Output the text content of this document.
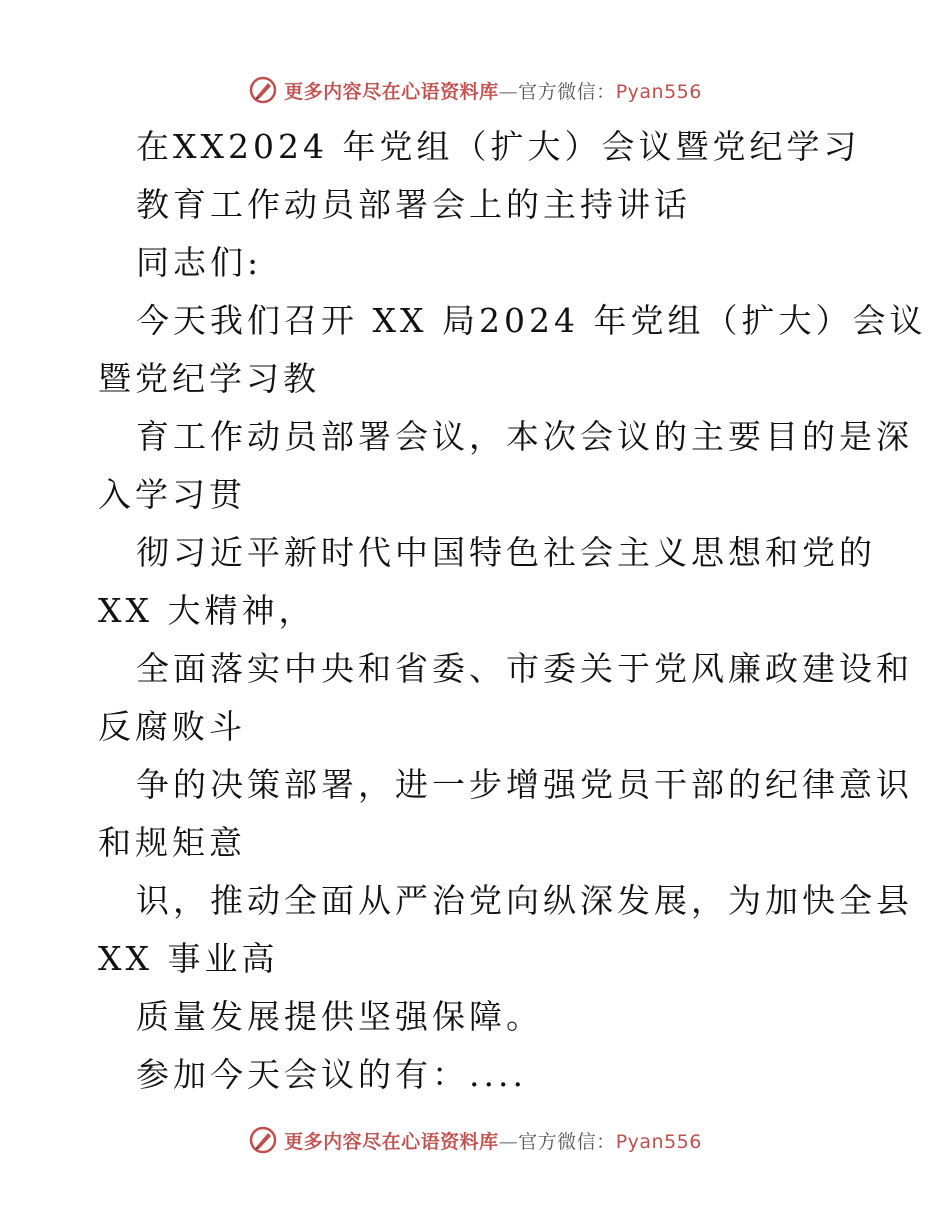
更多内容尽在心语资料库—官方微信：Pyan556
在XX2024 年党组（扩大）会议暨党纪学习
教育工作动员部署会上的主持讲话
同志们:
今天我们召开 XX 局2024 年党组（扩大）会议
暨党纪学习教
育工作动员部署会议，本次会议的主要目的是深
入学习贯
彻习近平新时代中国特色社会主义思想和党的
XX 大精神，
全面落实中央和省委、市委关于党风廉政建设和
反腐败斗
争的决策部署，进一步增强党员干部的纪律意识
和规矩意
识，推动全面从严治党向纵深发展，为加快全县
XX 事业高
质量发展提供坚强保障。
参加今天会议的有：....
更多内容尽在心语资料库—官方微信：Pyan556
